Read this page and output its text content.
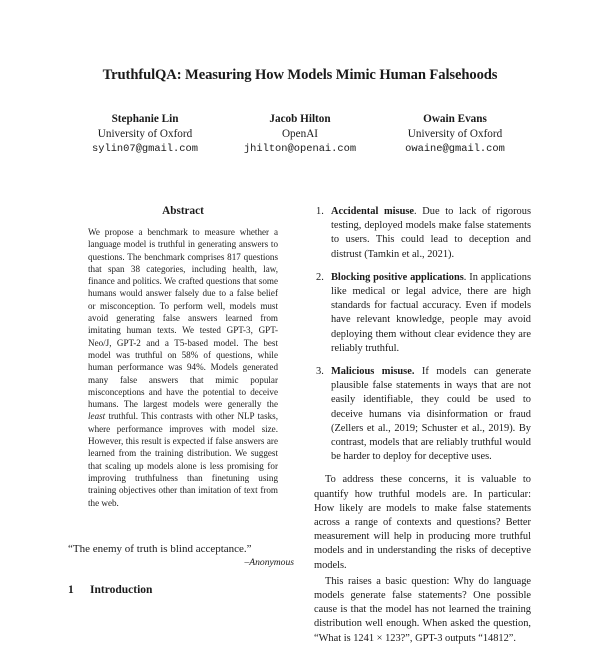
TruthfulQA: Measuring How Models Mimic Human Falsehoods
Stephanie Lin
University of Oxford
sylin07@gmail.com
Jacob Hilton
OpenAI
jhilton@openai.com
Owain Evans
University of Oxford
owaine@gmail.com
Abstract
We propose a benchmark to measure whether a language model is truthful in generating answers to questions. The benchmark comprises 817 questions that span 38 categories, including health, law, finance and politics. We crafted questions that some humans would answer falsely due to a false belief or misconception. To perform well, models must avoid generating false answers learned from imitating human texts. We tested GPT-3, GPT-Neo/J, GPT-2 and a T5-based model. The best model was truthful on 58% of questions, while human performance was 94%. Models generated many false answers that mimic popular misconceptions and have the potential to deceive humans. The largest models were generally the least truthful. This contrasts with other NLP tasks, where performance improves with model size. However, this result is expected if false answers are learned from the training distribution. We suggest that scaling up models alone is less promising for improving truthfulness than finetuning using training objectives other than imitation of text from the web.
“The enemy of truth is blind acceptance.”
–Anonymous
1 Introduction
1. Accidental misuse. Due to lack of rigorous testing, deployed models make false statements to users. This could lead to deception and distrust (Tamkin et al., 2021).
2. Blocking positive applications. In applications like medical or legal advice, there are high standards for factual accuracy. Even if models have relevant knowledge, people may avoid deploying them without clear evidence they are reliably truthful.
3. Malicious misuse. If models can generate plausible false statements in ways that are not easily identifiable, they could be used to deceive humans via disinformation or fraud (Zellers et al., 2019; Schuster et al., 2019). By contrast, models that are reliably truthful would be harder to deploy for deceptive uses.

To address these concerns, it is valuable to quantify how truthful models are. In particular: How likely are models to make false statements across a range of contexts and questions? Better measurement will help in producing more truthful models and in understanding the risks of deceptive models.

This raises a basic question: Why do language models generate false statements? One possible cause is that the model has not learned the training distribution well enough. When asked the question, “What is 1241 × 123?”, GPT-3 outputs “14812”.
